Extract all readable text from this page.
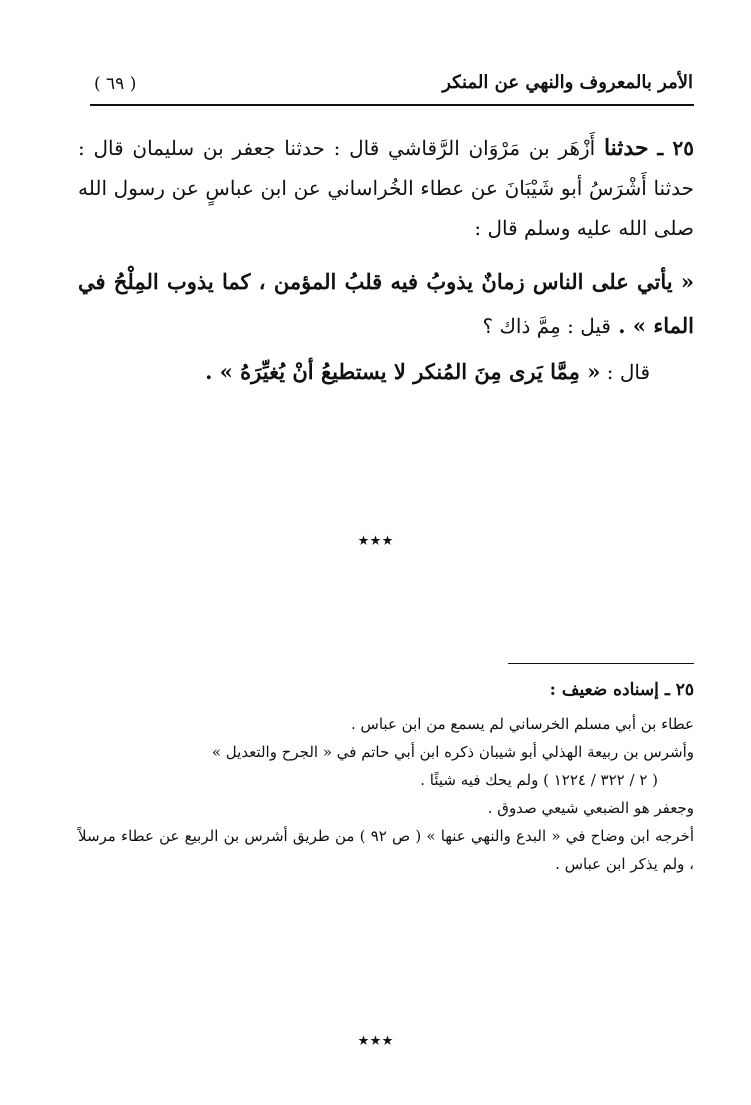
الأمر بالمعروف والنهي عن المنكر
( ٦٩ )

٢٥ ـ حدثنا أَزْهَر بن مَرْوَان الرَّقاشي قال : حدثنا جعفر بن سليمان قال : حدثنا أَشْرَسُ أبو شَيْبَانَ عن عطاء الخُراساني عن ابن عباسٍ عن رسول الله صلى الله عليه وسلم قال :

« يأتي على الناس زمانٌ يذوبُ فيه قلبُ المؤمن ، كما يذوب المِلْحُ في الماء » . قيل : مِمَّ ذاك ؟

قال : « مِمَّا يَرى مِنَ المُنكر لا يستطيعُ أنْ يُغيِّرَهُ » .

٭٭٭

٢٥ ـ إسناده ضعيف :

عطاء بن أبي مسلم الخرساني لم يسمع من ابن عباس .

وأشرس بن ربيعة الهذلي أبو شيبان ذكره ابن أبي حاتم في « الجرح والتعديل »

( ٢ / ٣٢٢ / ١٢٢٤ ) ولم يحك فيه شيئًا .

وجعفر هو الضبعي شيعي صدوق .

أخرجه ابن وضاح في « البدع والنهي عنها » ( ص ٩٢ ) من طريق أشرس بن الربيع عن عطاء مرسلاً ، ولم يذكر ابن عباس .

٭٭٭
